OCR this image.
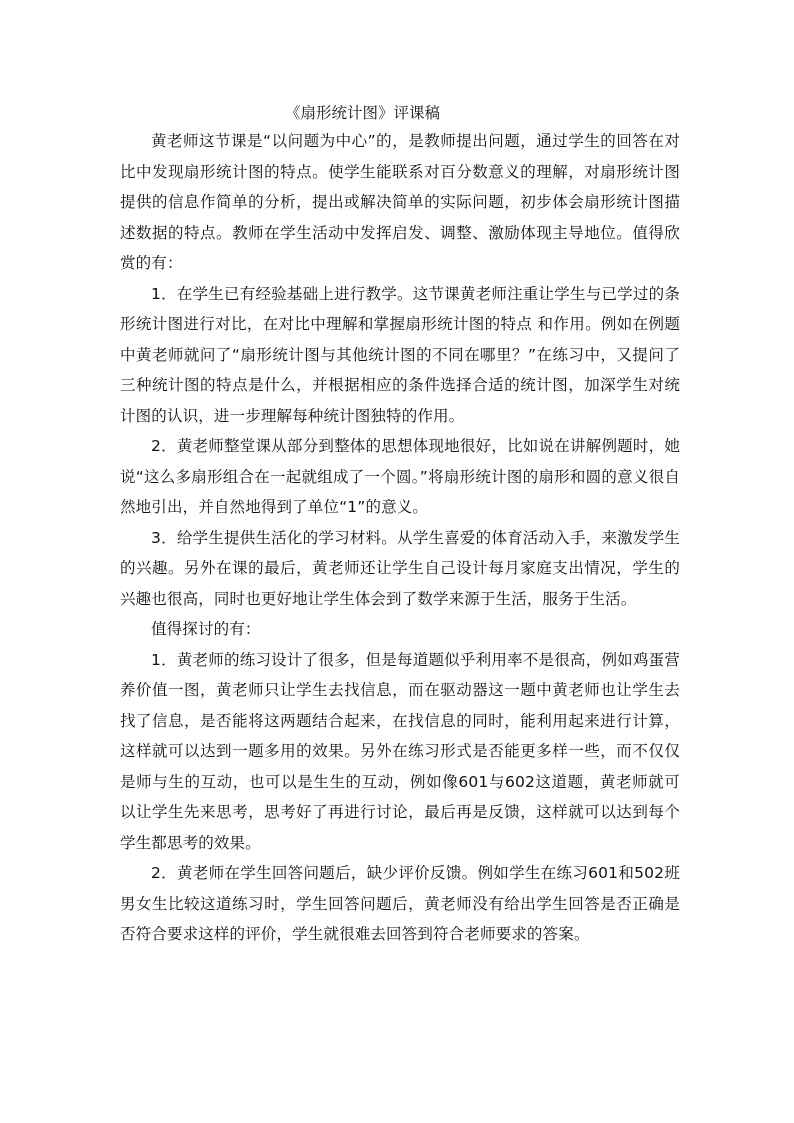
《扇形统计图》评课稿

黄老师这节课是“以问题为中心”的，是教师提出问题，通过学生的回答在对比中发现扇形统计图的特点。使学生能联系对百分数意义的理解，对扇形统计图提供的信息作简单的分析，提出或解决简单的实际问题，初步体会扇形统计图描述数据的特点。教师在学生活动中发挥启发、调整、激励体现主导地位。值得欣赏的有：

1．在学生已有经验基础上进行教学。这节课黄老师注重让学生与已学过的条形统计图进行对比，在对比中理解和掌握扇形统计图的特点 和作用。例如在例题中黄老师就问了“扇形统计图与其他统计图的不同在哪里？”在练习中，又提问了三种统计图的特点是什么，并根据相应的条件选择合适的统计图，加深学生对统计图的认识，进一步理解每种统计图独特的作用。

2．黄老师整堂课从部分到整体的思想体现地很好，比如说在讲解例题时，她说“这么多扇形组合在一起就组成了一个圆。”将扇形统计图的扇形和圆的意义很自然地引出，并自然地得到了单位“1”的意义。

3．给学生提供生活化的学习材料。从学生喜爱的体育活动入手，来激发学生的兴趣。另外在课的最后，黄老师还让学生自己设计每月家庭支出情况，学生的兴趣也很高，同时也更好地让学生体会到了数学来源于生活，服务于生活。

值得探讨的有：

1．黄老师的练习设计了很多，但是每道题似乎利用率不是很高，例如鸡蛋营养价值一图，黄老师只让学生去找信息，而在驱动器这一题中黄老师也让学生去找了信息，是否能将这两题结合起来，在找信息的同时，能利用起来进行计算，这样就可以达到一题多用的效果。另外在练习形式是否能更多样一些，而不仅仅是师与生的互动，也可以是生生的互动，例如像601与602这道题，黄老师就可以让学生先来思考，思考好了再进行讨论，最后再是反馈，这样就可以达到每个学生都思考的效果。

2．黄老师在学生回答问题后，缺少评价反馈。例如学生在练习601和502班男女生比较这道练习时，学生回答问题后，黄老师没有给出学生回答是否正确是否符合要求这样的评价，学生就很难去回答到符合老师要求的答案。
